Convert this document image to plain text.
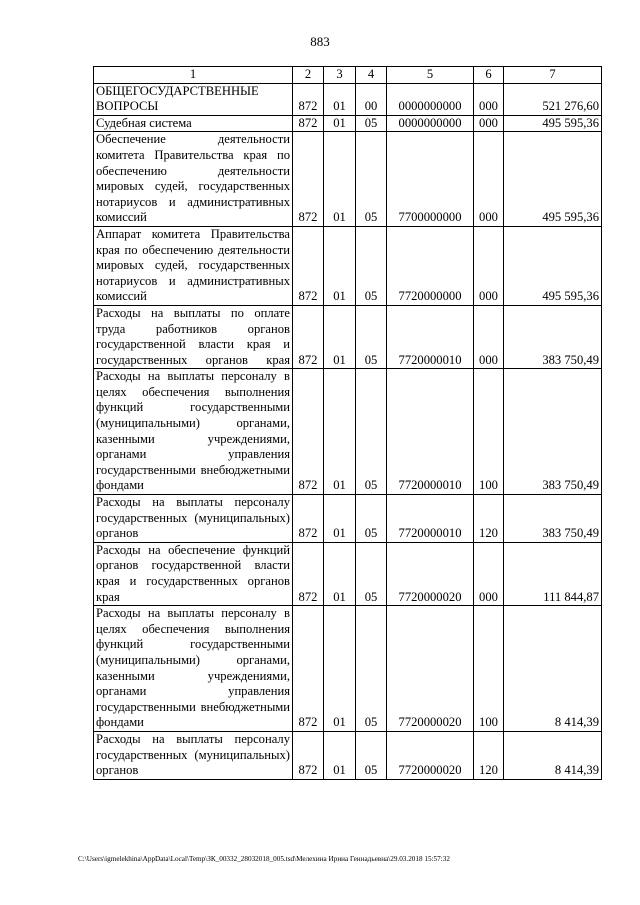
883
1	2	3	4	5	6	7
ОБЩЕГОСУДАРСТВЕННЫЕ ВОПРОСЫ	872	01	00	0000000000	000	521 276,60
Судебная система	872	01	05	0000000000	000	495 595,36
Обеспечение деятельности комитета Правительства края по обеспечению деятельности мировых судей, государственных нотариусов и административных комиссий	872	01	05	7700000000	000	495 595,36
Аппарат комитета Правительства края по обеспечению деятельности мировых судей, государственных нотариусов и административных комиссий	872	01	05	7720000000	000	495 595,36
Расходы на выплаты по оплате труда работников органов государственной власти края и государственных органов края	872	01	05	7720000010	000	383 750,49
Расходы на выплаты персоналу в целях обеспечения выполнения функций государственными (муниципальными) органами, казенными учреждениями, органами управления государственными внебюджетными фондами	872	01	05	7720000010	100	383 750,49
Расходы на выплаты персоналу государственных (муниципальных) органов	872	01	05	7720000010	120	383 750,49
Расходы на обеспечение функций органов государственной власти края и государственных органов края	872	01	05	7720000020	000	111 844,87
Расходы на выплаты персоналу в целях обеспечения выполнения функций государственными (муниципальными) органами, казенными учреждениями, органами управления государственными внебюджетными фондами	872	01	05	7720000020	100	8 414,39
Расходы на выплаты персоналу государственных (муниципальных) органов	872	01	05	7720000020	120	8 414,39
C:\Users\igmelekhina\AppData\Local\Temp\ЗК_00332_28032018_005.tsd\Мелехина Ирина Геннадьевна\29.03.2018 15:57:32
